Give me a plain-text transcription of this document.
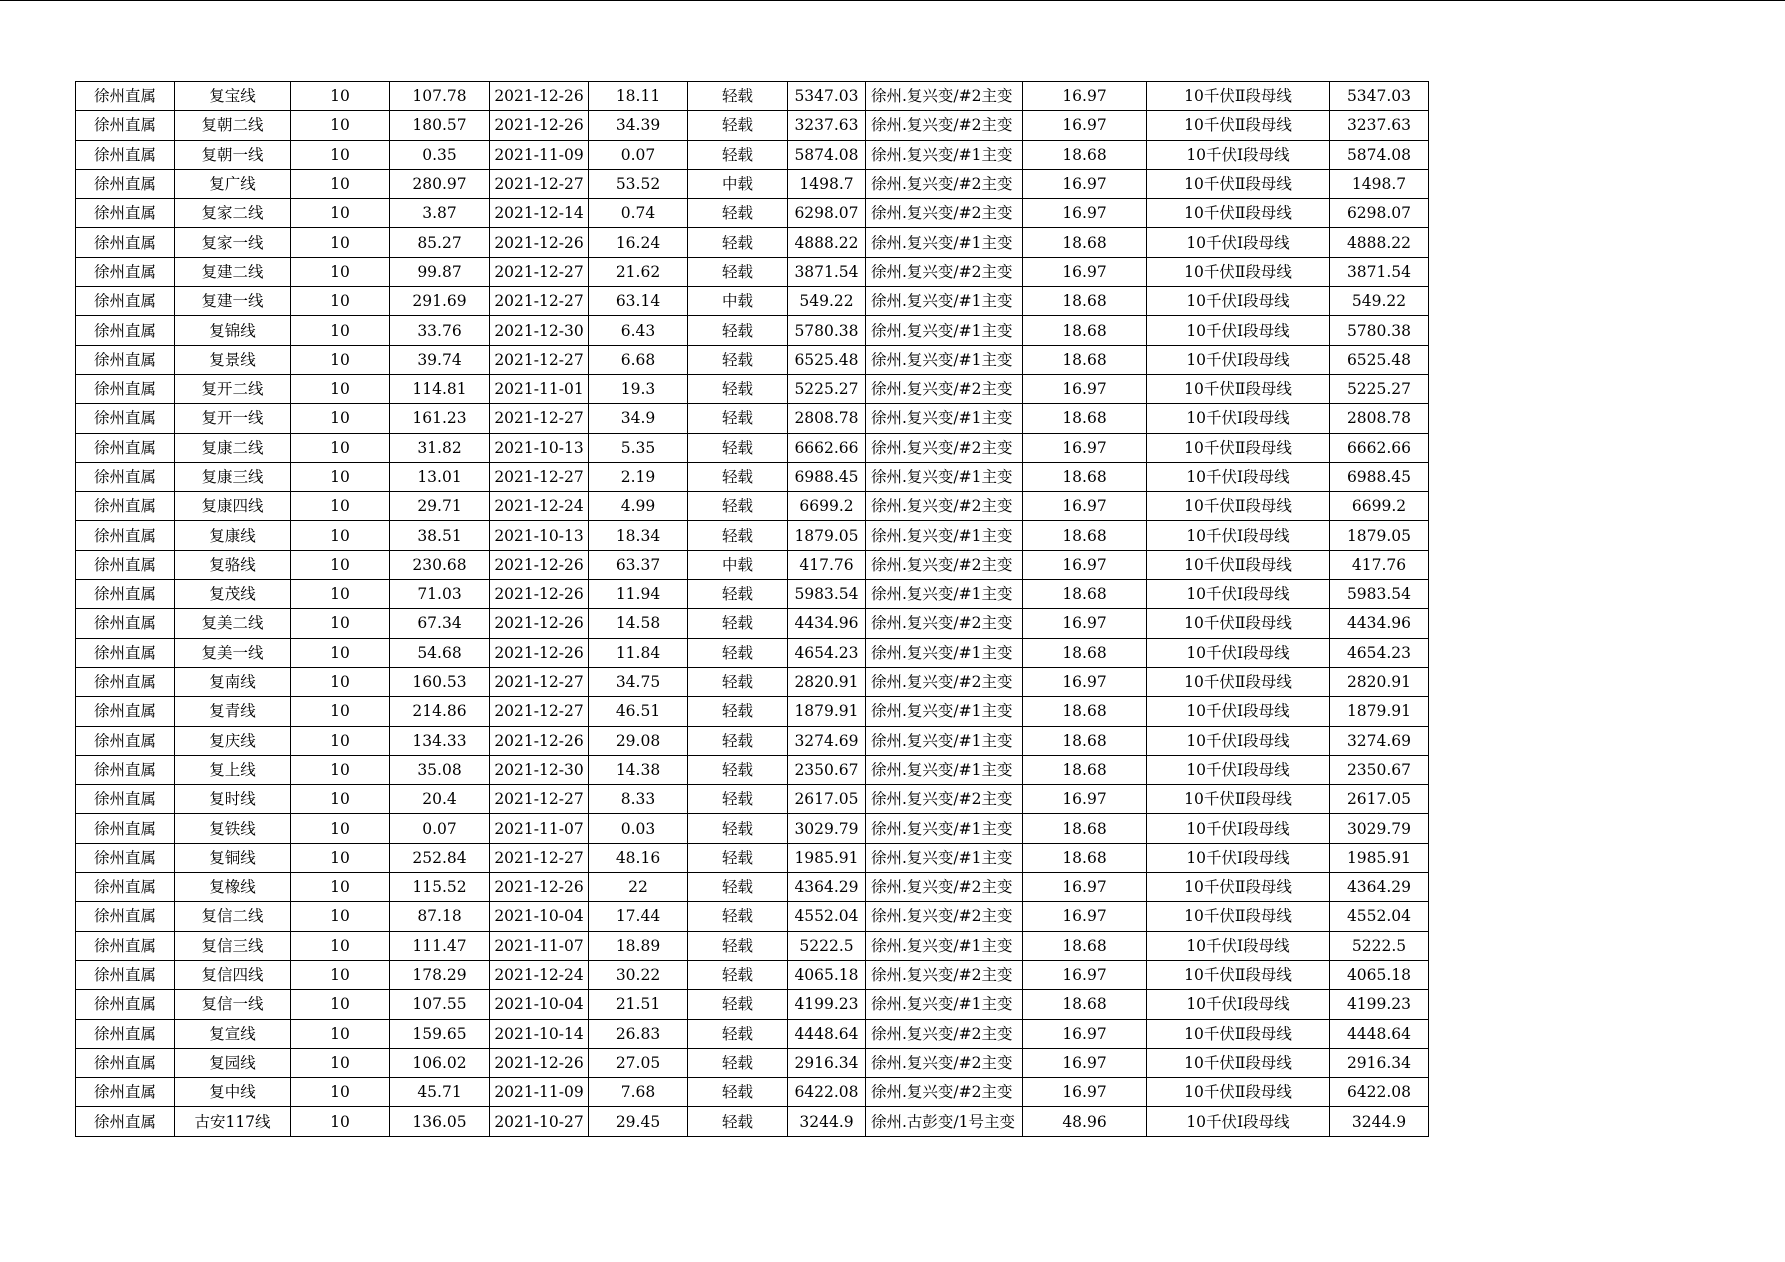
徐州直属	复宝线	10	107.78	2021-12-26	18.11	轻载	5347.03	徐州.复兴变/#2主变	16.97	10千伏Ⅱ段母线	5347.03
徐州直属	复朝二线	10	180.57	2021-12-26	34.39	轻载	3237.63	徐州.复兴变/#2主变	16.97	10千伏Ⅱ段母线	3237.63
徐州直属	复朝一线	10	0.35	2021-11-09	0.07	轻载	5874.08	徐州.复兴变/#1主变	18.68	10千伏Ⅰ段母线	5874.08
徐州直属	复广线	10	280.97	2021-12-27	53.52	中载	1498.7	徐州.复兴变/#2主变	16.97	10千伏Ⅱ段母线	1498.7
徐州直属	复家二线	10	3.87	2021-12-14	0.74	轻载	6298.07	徐州.复兴变/#2主变	16.97	10千伏Ⅱ段母线	6298.07
徐州直属	复家一线	10	85.27	2021-12-26	16.24	轻载	4888.22	徐州.复兴变/#1主变	18.68	10千伏Ⅰ段母线	4888.22
徐州直属	复建二线	10	99.87	2021-12-27	21.62	轻载	3871.54	徐州.复兴变/#2主变	16.97	10千伏Ⅱ段母线	3871.54
徐州直属	复建一线	10	291.69	2021-12-27	63.14	中载	549.22	徐州.复兴变/#1主变	18.68	10千伏Ⅰ段母线	549.22
徐州直属	复锦线	10	33.76	2021-12-30	6.43	轻载	5780.38	徐州.复兴变/#1主变	18.68	10千伏Ⅰ段母线	5780.38
徐州直属	复景线	10	39.74	2021-12-27	6.68	轻载	6525.48	徐州.复兴变/#1主变	18.68	10千伏Ⅰ段母线	6525.48
徐州直属	复开二线	10	114.81	2021-11-01	19.3	轻载	5225.27	徐州.复兴变/#2主变	16.97	10千伏Ⅱ段母线	5225.27
徐州直属	复开一线	10	161.23	2021-12-27	34.9	轻载	2808.78	徐州.复兴变/#1主变	18.68	10千伏Ⅰ段母线	2808.78
徐州直属	复康二线	10	31.82	2021-10-13	5.35	轻载	6662.66	徐州.复兴变/#2主变	16.97	10千伏Ⅱ段母线	6662.66
徐州直属	复康三线	10	13.01	2021-12-27	2.19	轻载	6988.45	徐州.复兴变/#1主变	18.68	10千伏Ⅰ段母线	6988.45
徐州直属	复康四线	10	29.71	2021-12-24	4.99	轻载	6699.2	徐州.复兴变/#2主变	16.97	10千伏Ⅱ段母线	6699.2
徐州直属	复康线	10	38.51	2021-10-13	18.34	轻载	1879.05	徐州.复兴变/#1主变	18.68	10千伏Ⅰ段母线	1879.05
徐州直属	复骆线	10	230.68	2021-12-26	63.37	中载	417.76	徐州.复兴变/#2主变	16.97	10千伏Ⅱ段母线	417.76
徐州直属	复茂线	10	71.03	2021-12-26	11.94	轻载	5983.54	徐州.复兴变/#1主变	18.68	10千伏Ⅰ段母线	5983.54
徐州直属	复美二线	10	67.34	2021-12-26	14.58	轻载	4434.96	徐州.复兴变/#2主变	16.97	10千伏Ⅱ段母线	4434.96
徐州直属	复美一线	10	54.68	2021-12-26	11.84	轻载	4654.23	徐州.复兴变/#1主变	18.68	10千伏Ⅰ段母线	4654.23
徐州直属	复南线	10	160.53	2021-12-27	34.75	轻载	2820.91	徐州.复兴变/#2主变	16.97	10千伏Ⅱ段母线	2820.91
徐州直属	复青线	10	214.86	2021-12-27	46.51	轻载	1879.91	徐州.复兴变/#1主变	18.68	10千伏Ⅰ段母线	1879.91
徐州直属	复庆线	10	134.33	2021-12-26	29.08	轻载	3274.69	徐州.复兴变/#1主变	18.68	10千伏Ⅰ段母线	3274.69
徐州直属	复上线	10	35.08	2021-12-30	14.38	轻载	2350.67	徐州.复兴变/#1主变	18.68	10千伏Ⅰ段母线	2350.67
徐州直属	复时线	10	20.4	2021-12-27	8.33	轻载	2617.05	徐州.复兴变/#2主变	16.97	10千伏Ⅱ段母线	2617.05
徐州直属	复铁线	10	0.07	2021-11-07	0.03	轻载	3029.79	徐州.复兴变/#1主变	18.68	10千伏Ⅰ段母线	3029.79
徐州直属	复铜线	10	252.84	2021-12-27	48.16	轻载	1985.91	徐州.复兴变/#1主变	18.68	10千伏Ⅰ段母线	1985.91
徐州直属	复橡线	10	115.52	2021-12-26	22	轻载	4364.29	徐州.复兴变/#2主变	16.97	10千伏Ⅱ段母线	4364.29
徐州直属	复信二线	10	87.18	2021-10-04	17.44	轻载	4552.04	徐州.复兴变/#2主变	16.97	10千伏Ⅱ段母线	4552.04
徐州直属	复信三线	10	111.47	2021-11-07	18.89	轻载	5222.5	徐州.复兴变/#1主变	18.68	10千伏Ⅰ段母线	5222.5
徐州直属	复信四线	10	178.29	2021-12-24	30.22	轻载	4065.18	徐州.复兴变/#2主变	16.97	10千伏Ⅱ段母线	4065.18
徐州直属	复信一线	10	107.55	2021-10-04	21.51	轻载	4199.23	徐州.复兴变/#1主变	18.68	10千伏Ⅰ段母线	4199.23
徐州直属	复宣线	10	159.65	2021-10-14	26.83	轻载	4448.64	徐州.复兴变/#2主变	16.97	10千伏Ⅱ段母线	4448.64
徐州直属	复园线	10	106.02	2021-12-26	27.05	轻载	2916.34	徐州.复兴变/#2主变	16.97	10千伏Ⅱ段母线	2916.34
徐州直属	复中线	10	45.71	2021-11-09	7.68	轻载	6422.08	徐州.复兴变/#2主变	16.97	10千伏Ⅱ段母线	6422.08
徐州直属	古安117线	10	136.05	2021-10-27	29.45	轻载	3244.9	徐州.古彭变/1号主变	48.96	10千伏Ⅰ段母线	3244.9
